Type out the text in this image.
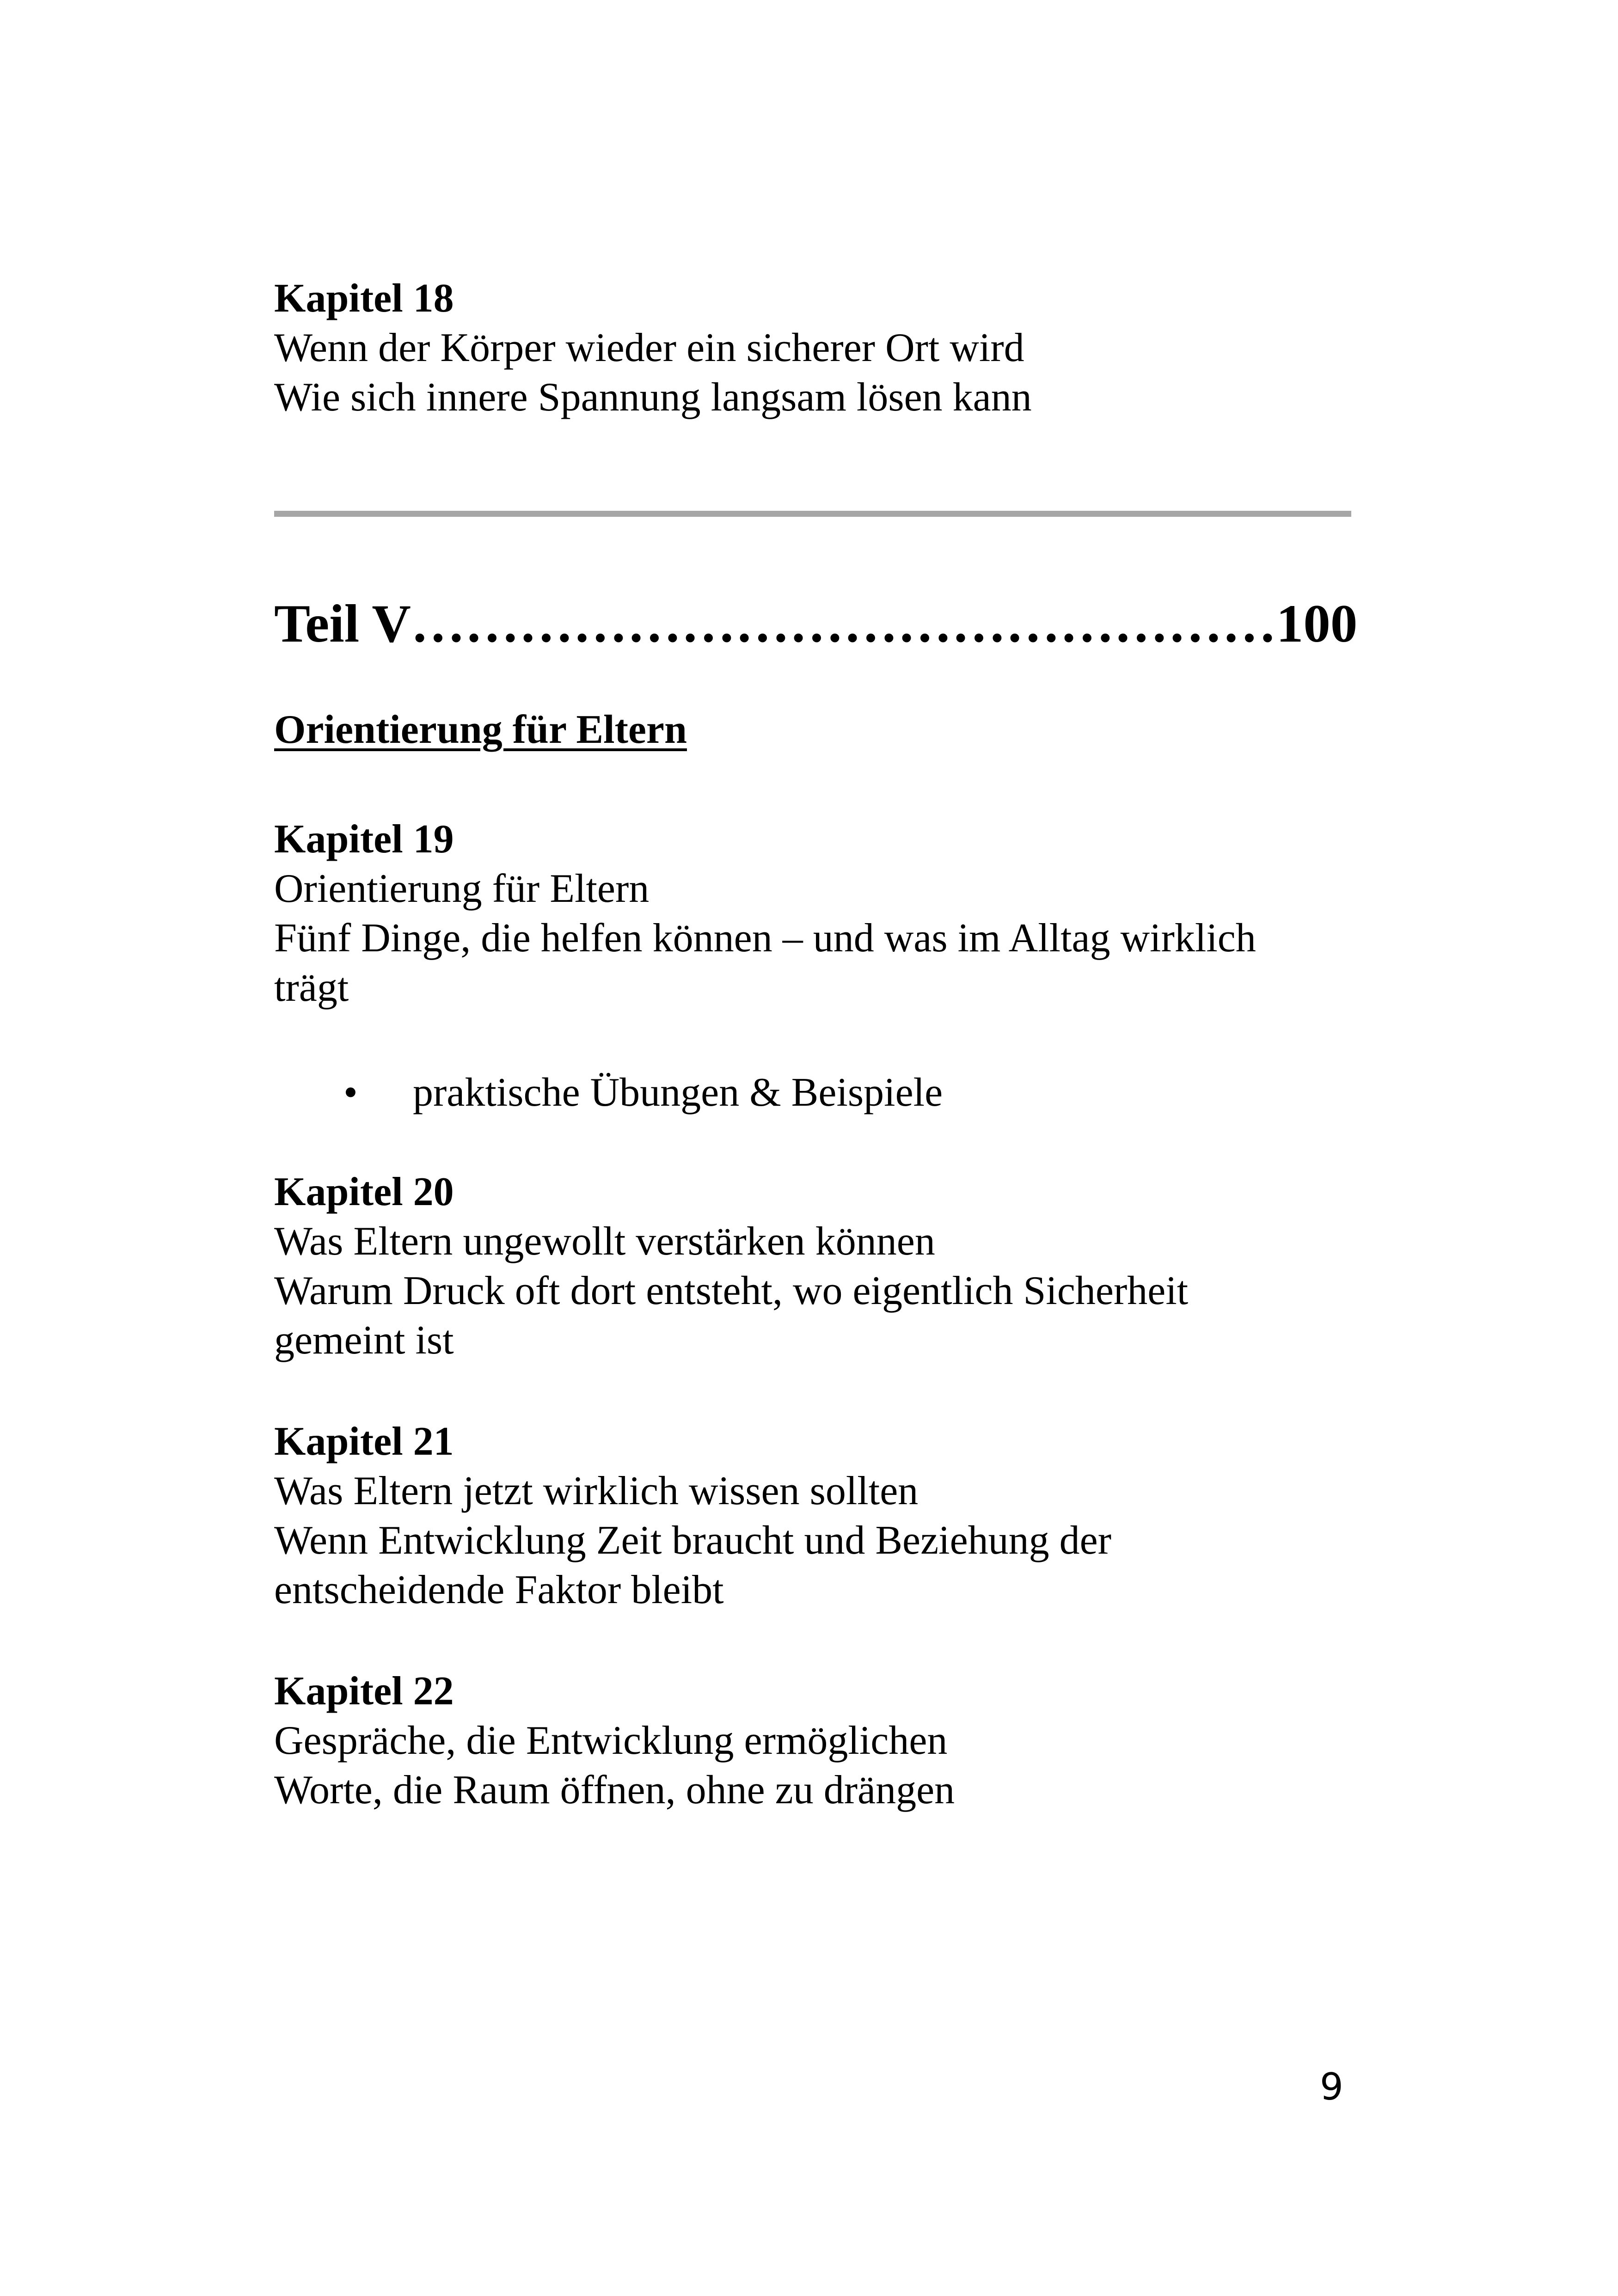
Kapitel 18
Wenn der Körper wieder ein sicherer Ort wird
Wie sich innere Spannung langsam lösen kann
Teil V…………………………………………100
Orientierung für Eltern
Kapitel 19
Orientierung für Eltern
Fünf Dinge, die helfen können – und was im Alltag wirklich
trägt
• praktische Übungen & Beispiele
Kapitel 20
Was Eltern ungewollt verstärken können
Warum Druck oft dort entsteht, wo eigentlich Sicherheit
gemeint ist
Kapitel 21
Was Eltern jetzt wirklich wissen sollten
Wenn Entwicklung Zeit braucht und Beziehung der
entscheidende Faktor bleibt
Kapitel 22
Gespräche, die Entwicklung ermöglichen
Worte, die Raum öffnen, ohne zu drängen
9
